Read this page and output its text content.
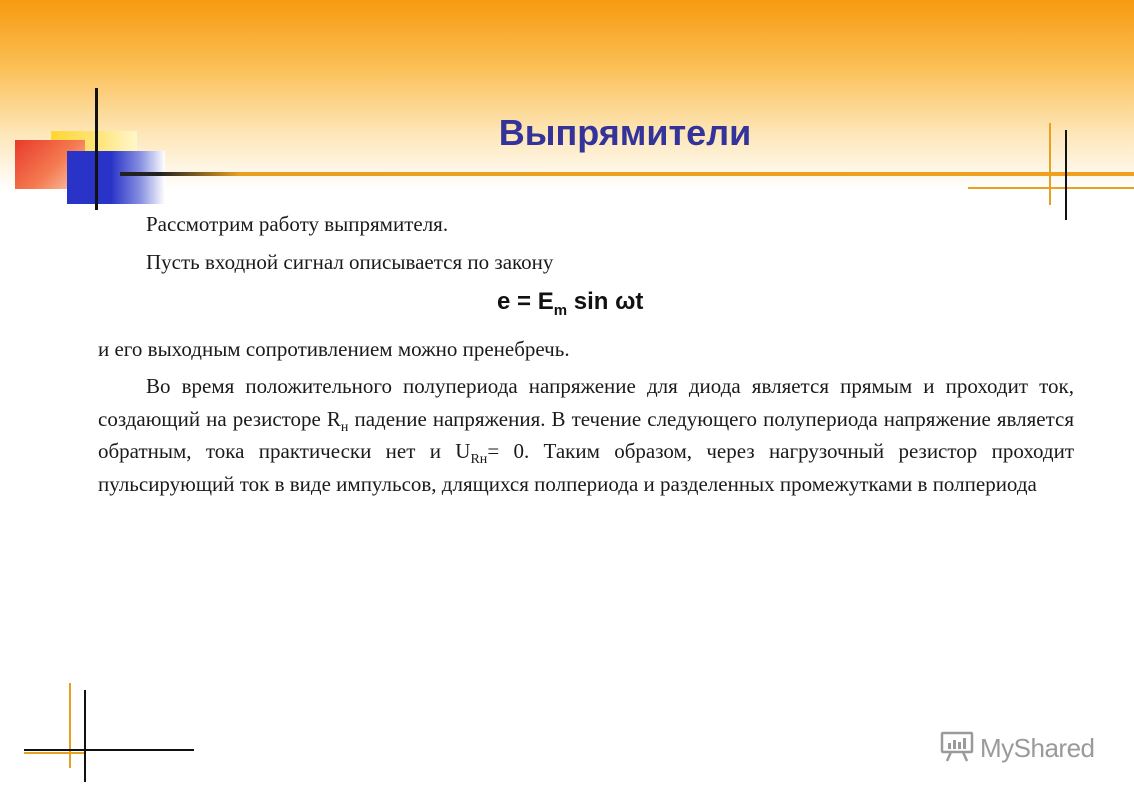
Выпрямители

Рассмотрим работу выпрямителя.

Пусть входной сигнал описывается по закону

$e = E_m$ sin ωt

и его выходным сопротивлением можно пренебречь.

Во время положительного полупериода напряжение для диода является прямым и проходит ток, создающий на резисторе $R_н$ падение напряжения. В течение следующего полупериода напряжение является обратным, тока практически нет и $U_{Rн}= 0$. Таким образом, через нагрузочный резистор проходит пульсирующий ток в виде импульсов, длящихся полпериода и разделенных промежутками в полпериода

MyShared
